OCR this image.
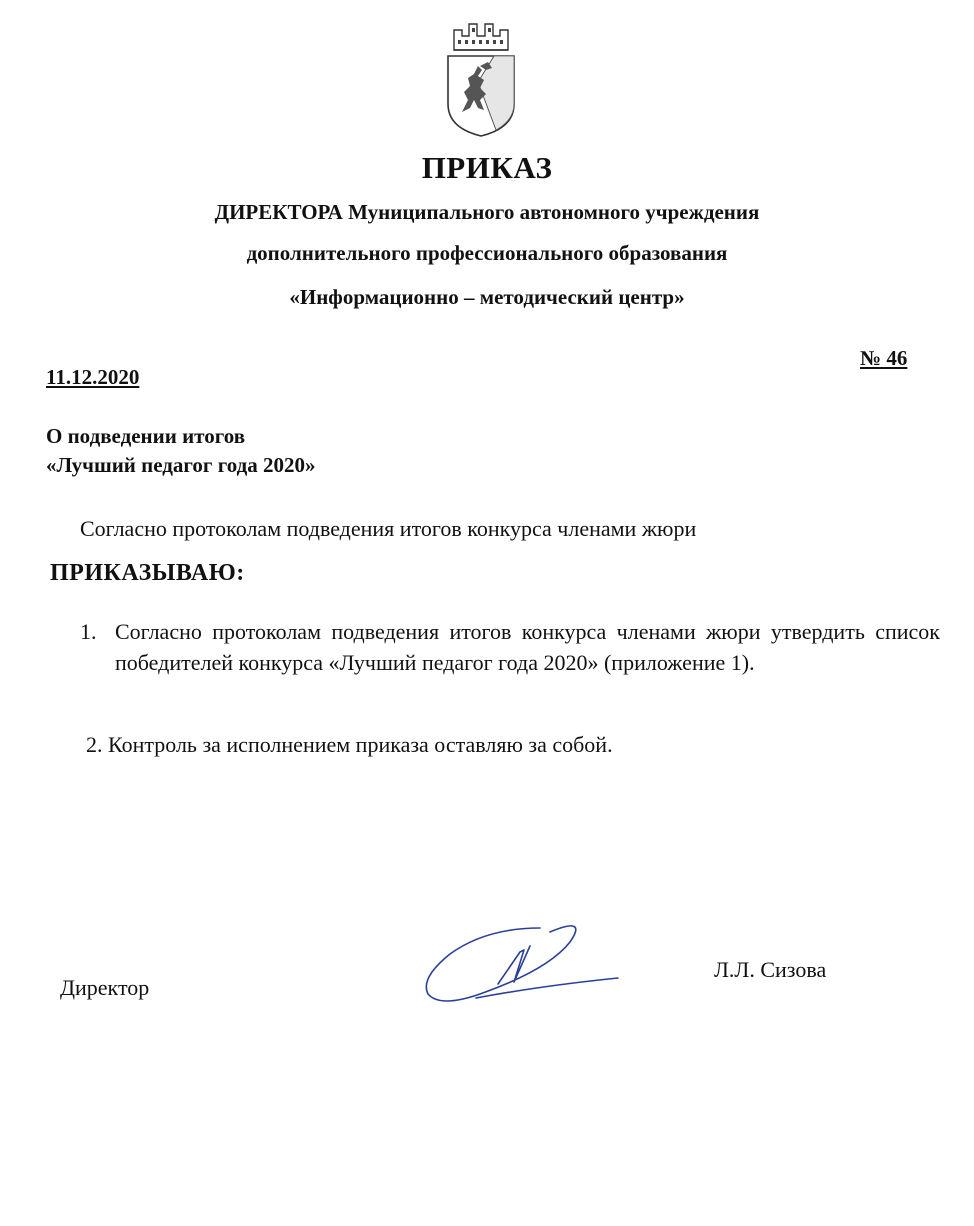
ПРИКАЗ
ДИРЕКТОРА Муниципального автономного учреждения
дополнительного профессионального образования
«Информационно – методический центр»
11.12.2020
№ 46
О подведении итогов
«Лучший педагог года 2020»
Согласно протоколам подведения итогов конкурса членами жюри
ПРИКАЗЫВАЮ:
1. Согласно протоколам подведения итогов конкурса членами жюри утвердить список победителей конкурса «Лучший педагог года 2020» (приложение 1).
2. Контроль за исполнением приказа оставляю за собой.
Директор
Л.Л. Сизова
